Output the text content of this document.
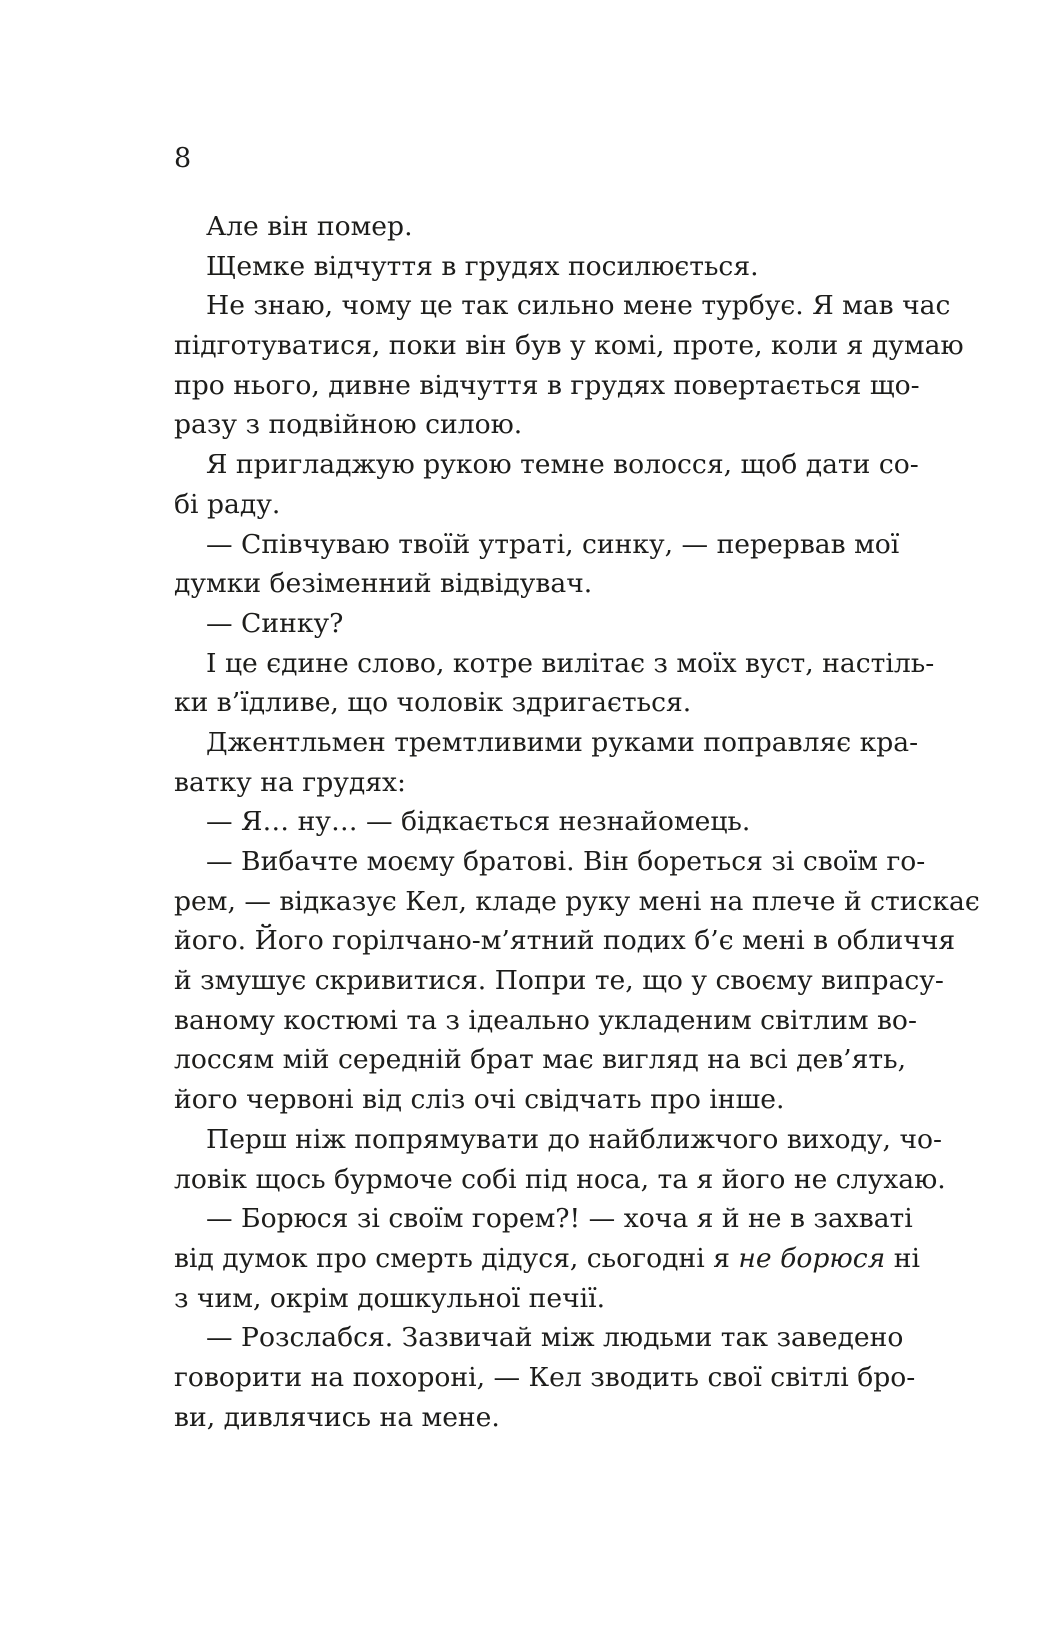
8

Але він помер.

Щемке відчуття в грудях посилюється.

Не знаю, чому це так сильно мене турбує. Я мав час

підготуватися, поки він був у комі, проте, коли я думаю

про нього, дивне відчуття в грудях повертається що-

разу з подвійною силою.

Я пригладжую рукою темне волосся, щоб дати со-

бі раду.

— Співчуваю твоїй утраті, синку, — перервав мої

думки безіменний відвідувач.

— Синку?

І це єдине слово, котре вилітає з моїх вуст, настіль-

ки в’їдливе, що чоловік здригається.

Джентльмен тремтливими руками поправляє кра-

ватку на грудях:

— Я… ну… — бідкається незнайомець.

— Вибачте моєму братові. Він бореться зі своїм го-

рем, — відказує Кел, кладе руку мені на плече й стискає

його. Його горілчано-м’ятний подих б’є мені в обличчя

й змушує скривитися. Попри те, що у своєму випрасу-

ваному костюмі та з ідеально укладеним світлим во-

лоссям мій середній брат має вигляд на всі дев’ять,

його червоні від сліз очі свідчать про інше.

Перш ніж попрямувати до найближчого виходу, чо-

ловік щось бурмоче собі під носа, та я його не слухаю.

— Борюся зі своїм горем?! — хоча я й не в захваті

від думок про смерть дідуся, сьогодні я не борюся ні

з чим, окрім дошкульної печії.

— Розслабся. Зазвичай між людьми так заведено

говорити на похороні, — Кел зводить свої світлі бро-

ви, дивлячись на мене.
